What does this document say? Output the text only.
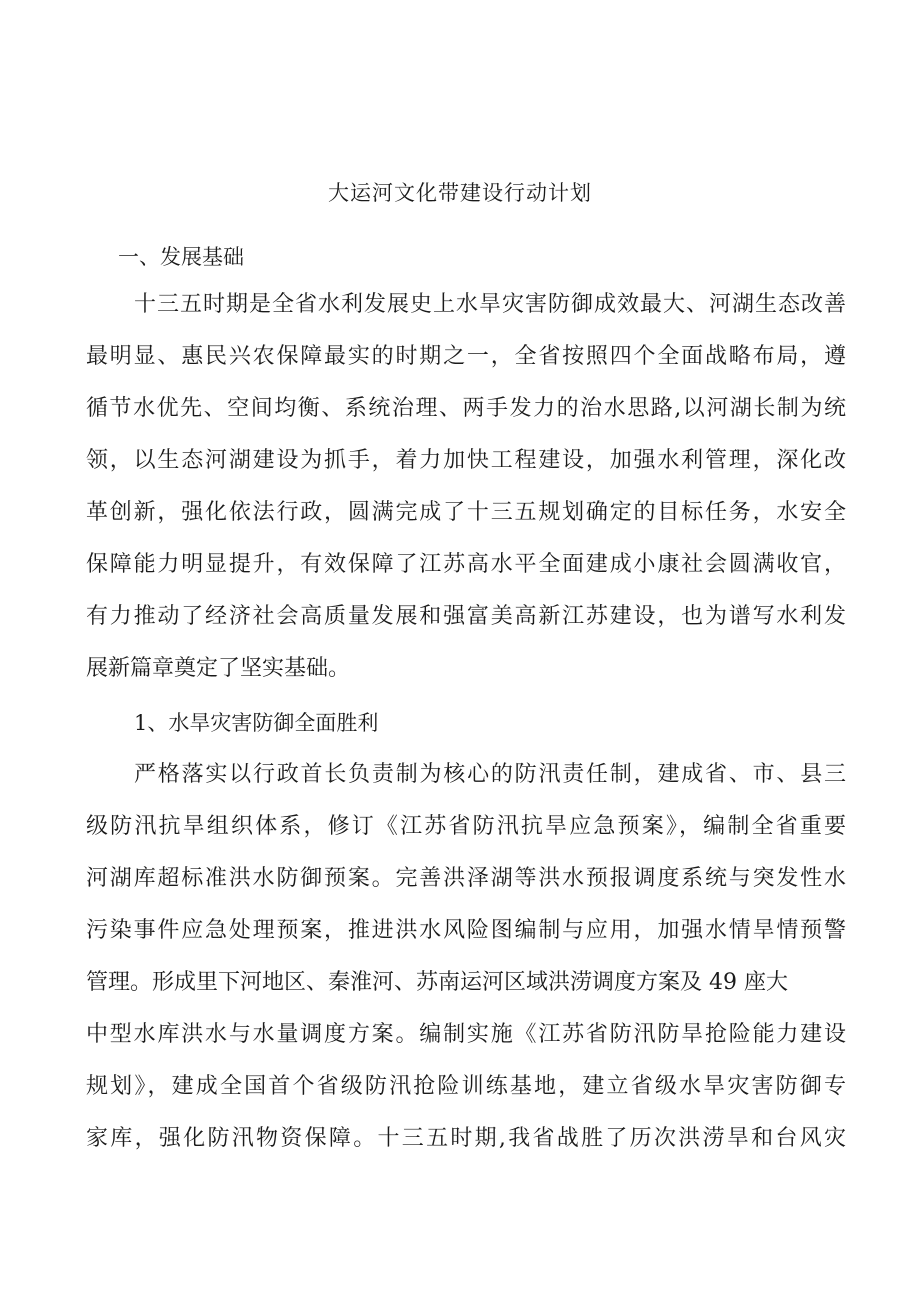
大运河文化带建设行动计划
一、发展基础
十三五时期是全省水利发展史上水旱灾害防御成效最大、河湖生态改善
最明显、惠民兴农保障最实的时期之一，全省按照四个全面战略布局，遵
循节水优先、空间均衡、系统治理、两手发力的治水思路,以河湖长制为统
领，以生态河湖建设为抓手，着力加快工程建设，加强水利管理，深化改
革创新，强化依法行政，圆满完成了十三五规划确定的目标任务，水安全
保障能力明显提升，有效保障了江苏高水平全面建成小康社会圆满收官，
有力推动了经济社会高质量发展和强富美高新江苏建设，也为谱写水利发
展新篇章奠定了坚实基础。
1、水旱灾害防御全面胜利
严格落实以行政首长负责制为核心的防汛责任制，建成省、市、县三
级防汛抗旱组织体系，修订《江苏省防汛抗旱应急预案》，编制全省重要
河湖库超标准洪水防御预案。完善洪泽湖等洪水预报调度系统与突发性水
污染事件应急处理预案，推进洪水风险图编制与应用，加强水情旱情预警
管理。形成里下河地区、秦淮河、苏南运河区域洪涝调度方案及 49 座大
中型水库洪水与水量调度方案。编制实施《江苏省防汛防旱抢险能力建设
规划》，建成全国首个省级防汛抢险训练基地，建立省级水旱灾害防御专
家库，强化防汛物资保障。十三五时期,我省战胜了历次洪涝旱和台风灾
